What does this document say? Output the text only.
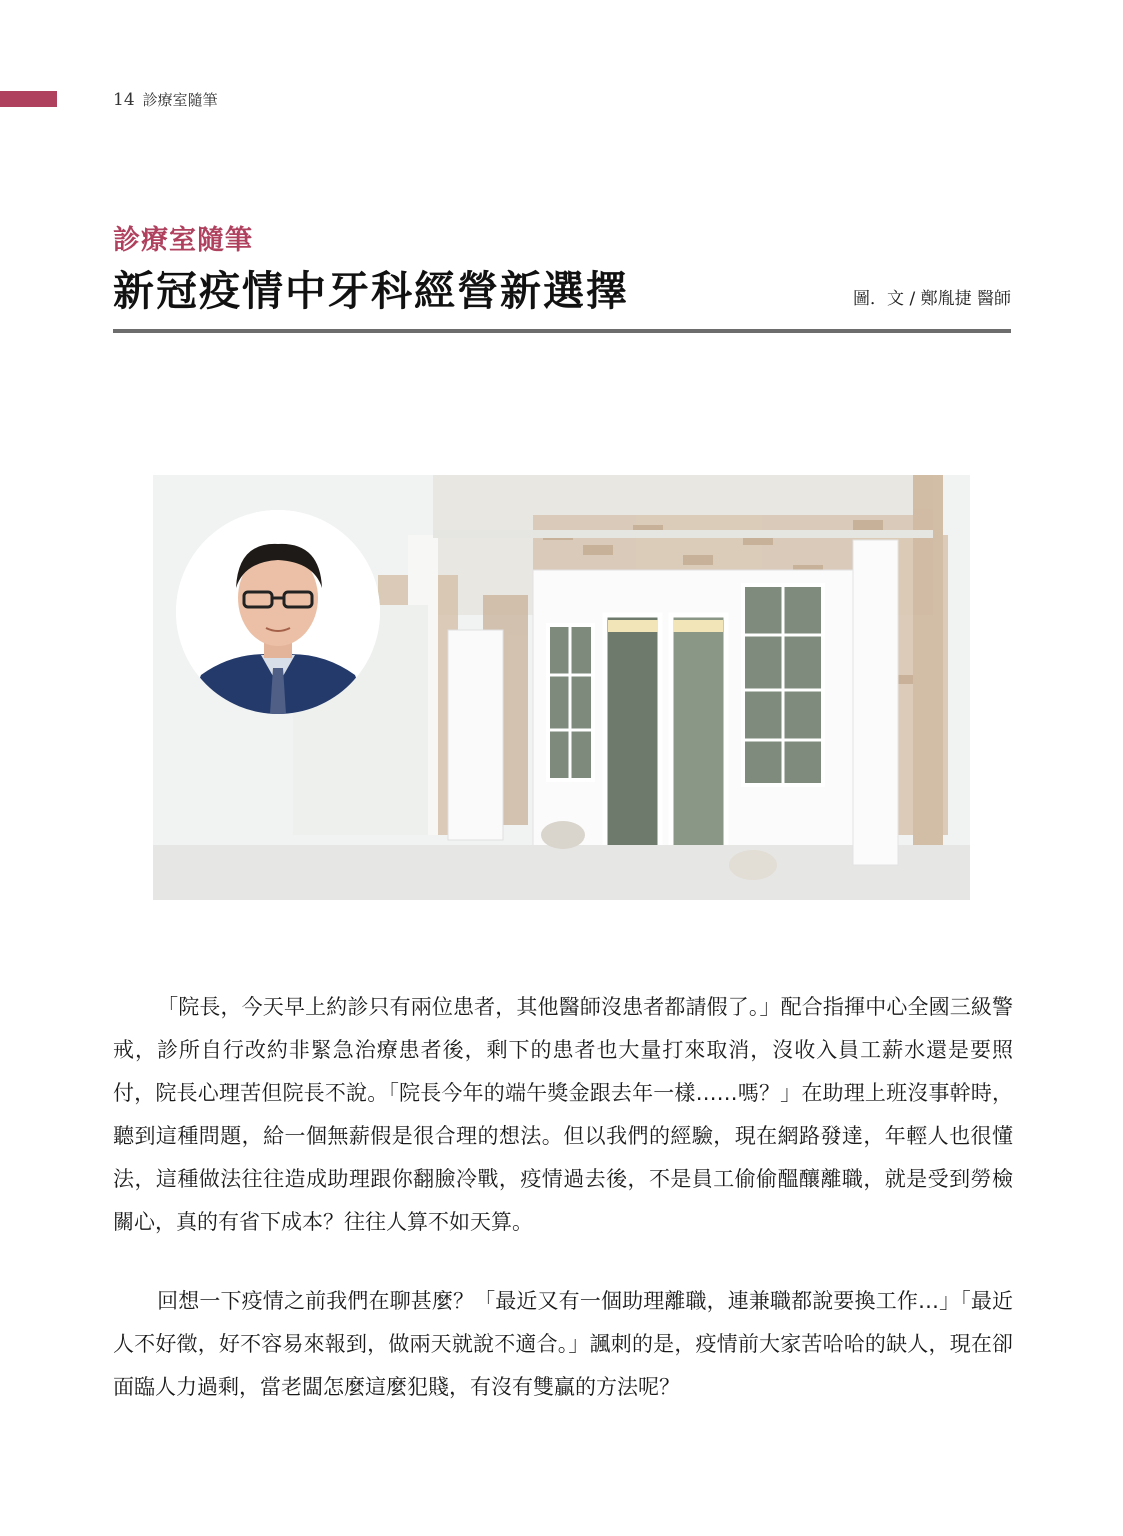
14 診療室隨筆
診療室隨筆
新冠疫情中牙科經營新選擇	圖．文 / 鄭胤捷 醫師

「院長，今天早上約診只有兩位患者，其他醫師沒患者都請假了。」配合指揮中心全國三級警戒，診所自行改約非緊急治療患者後，剩下的患者也大量打來取消，沒收入員工薪水還是要照付，院長心理苦但院長不說。「院長今年的端午獎金跟去年一樣……嗎？」在助理上班沒事幹時，聽到這種問題，給一個無薪假是很合理的想法。但以我們的經驗，現在網路發達，年輕人也很懂法，這種做法往往造成助理跟你翻臉冷戰，疫情過去後，不是員工偷偷醞釀離職，就是受到勞檢關心，真的有省下成本？往往人算不如天算。

回想一下疫情之前我們在聊甚麼？「最近又有一個助理離職，連兼職都說要換工作…」「最近人不好徵，好不容易來報到，做兩天就說不適合。」諷刺的是，疫情前大家苦哈哈的缺人，現在卻面臨人力過剩，當老闆怎麼這麼犯賤，有沒有雙贏的方法呢？
